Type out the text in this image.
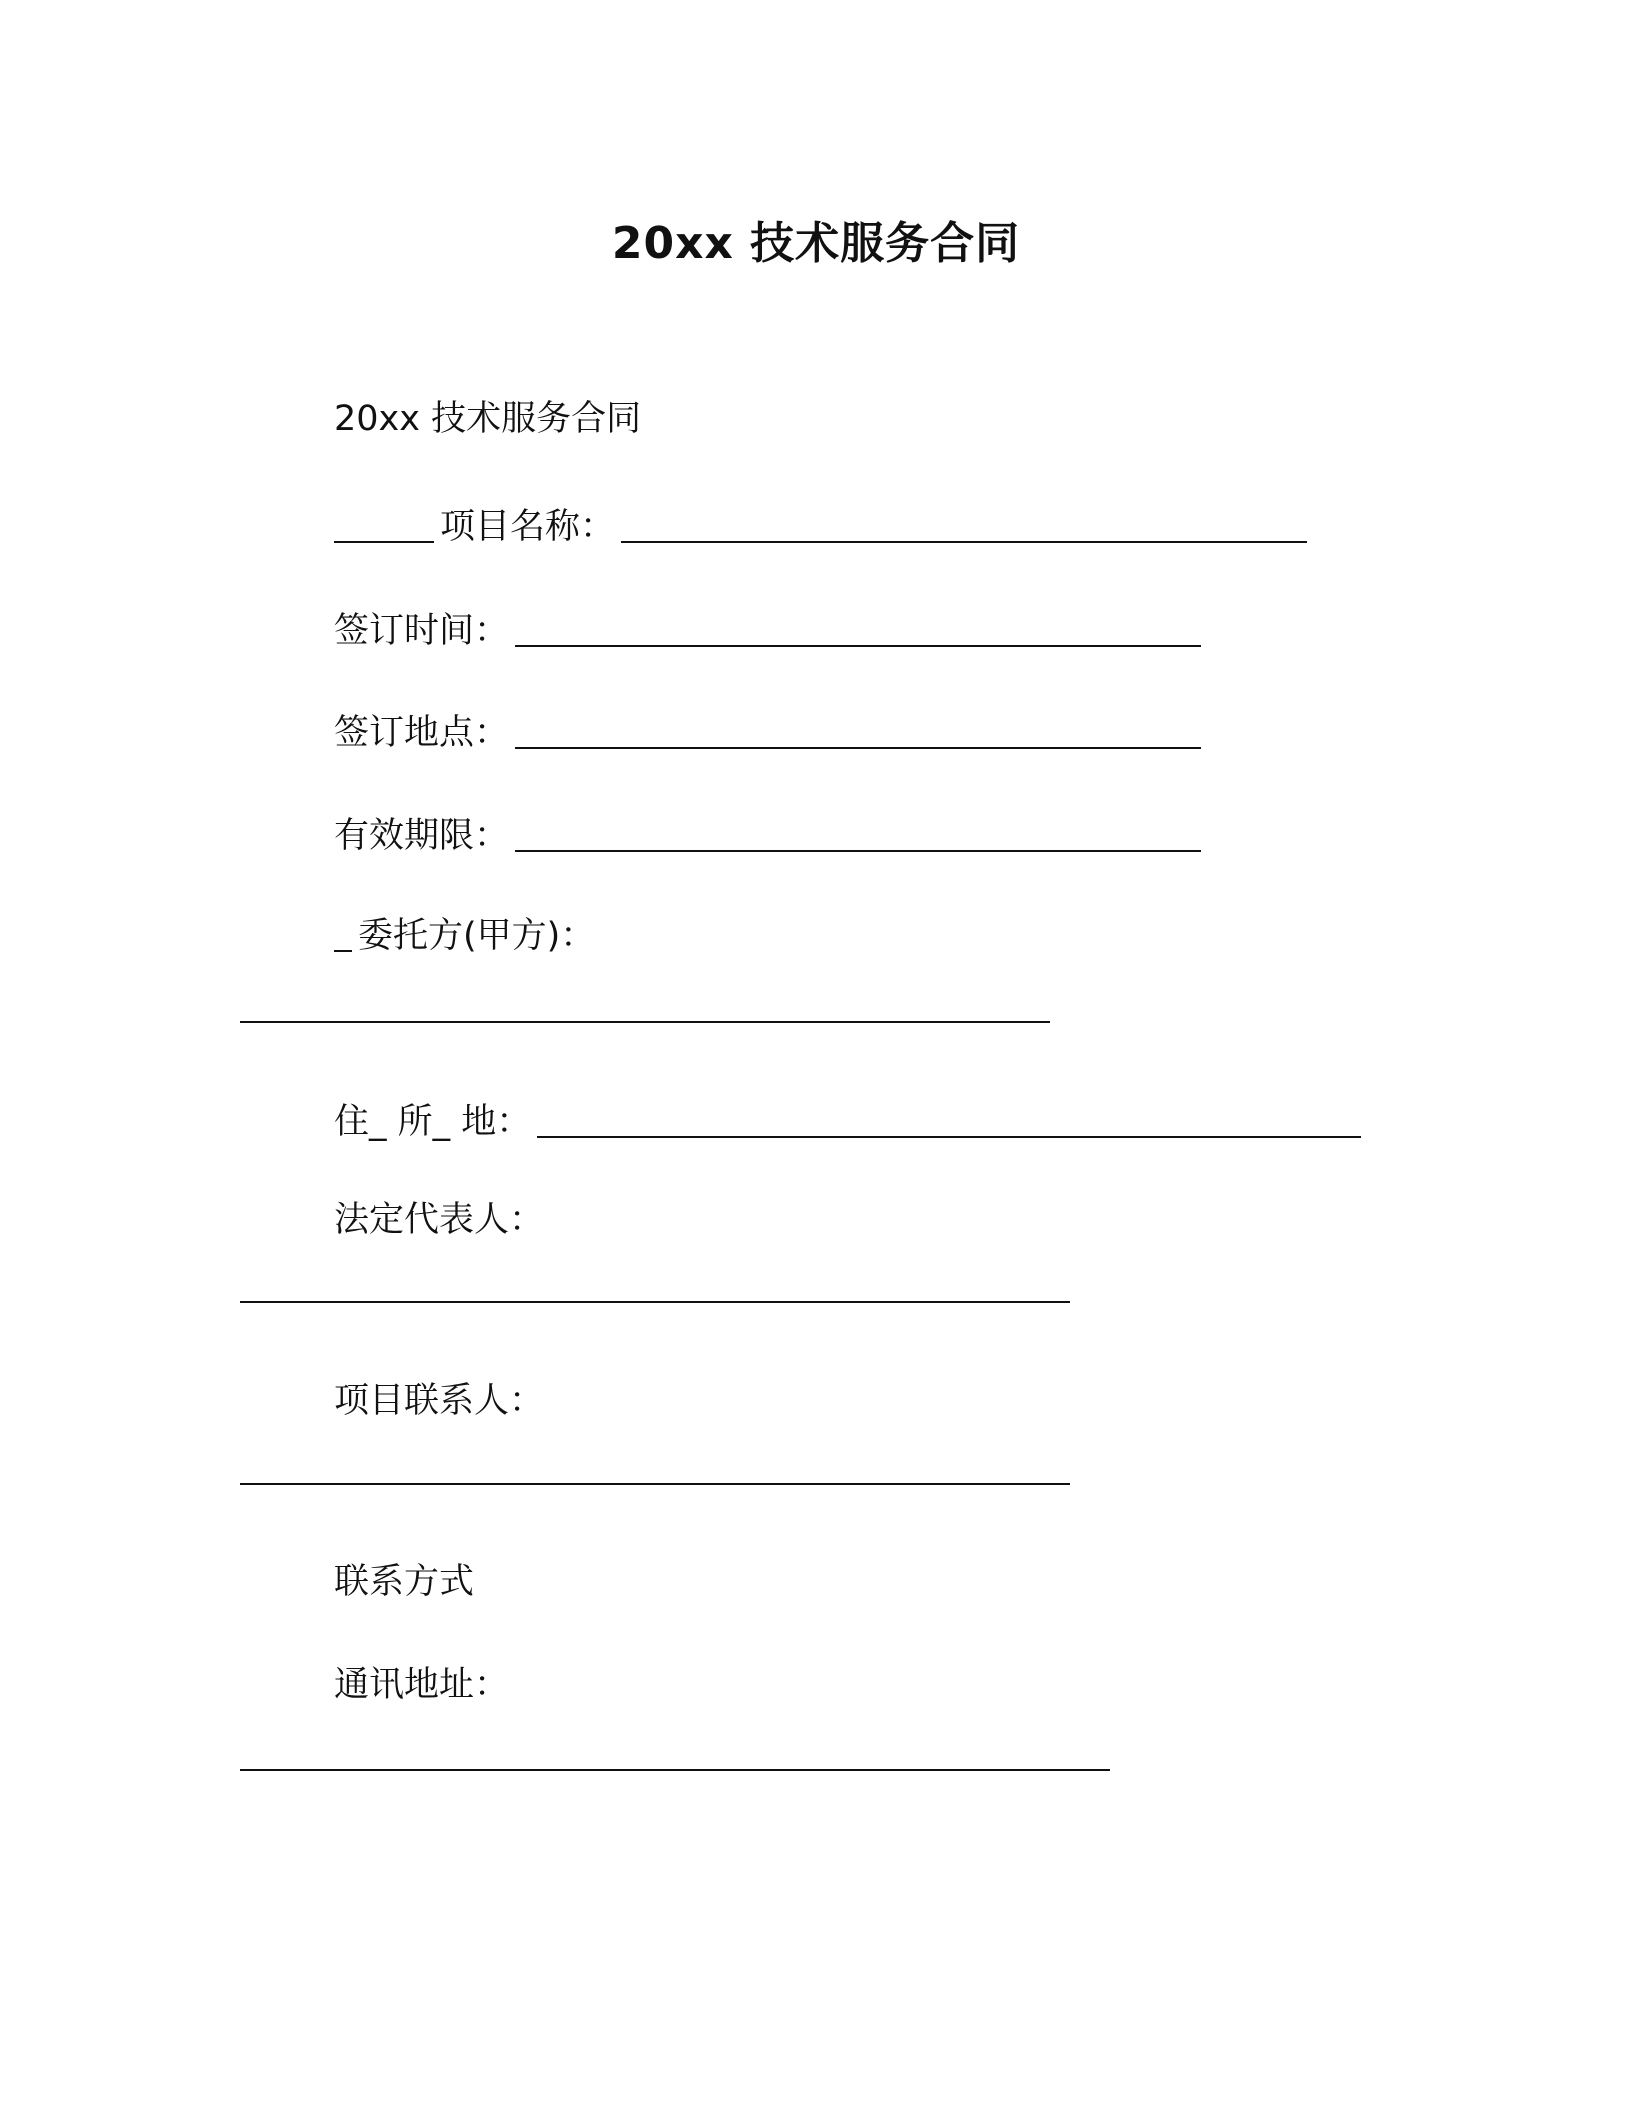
20xx 技术服务合同
20xx 技术服务合同
项目名称：
签订时间：
签订地点：
有效期限：
委托方(甲方)：
住_ 所_ 地：
法定代表人：
项目联系人：
联系方式
通讯地址：
